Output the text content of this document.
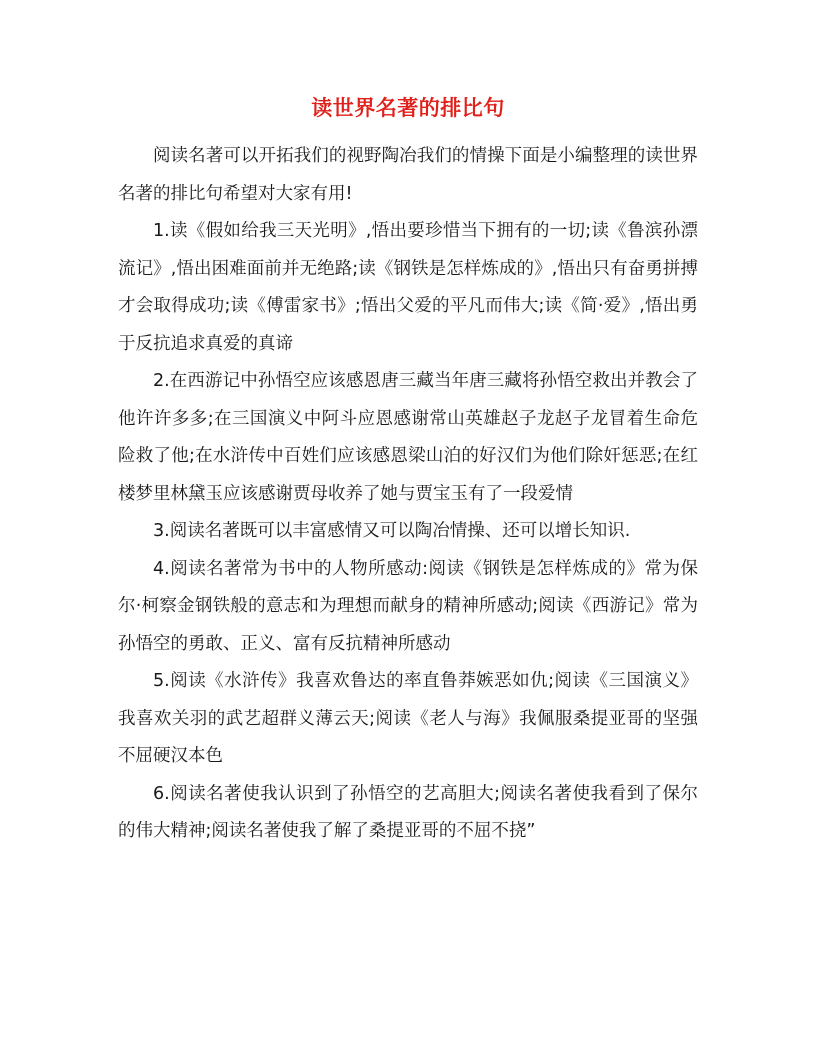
读世界名著的排比句

阅读名著可以开拓我们的视野陶冶我们的情操下面是小编整理的读世界名著的排比句希望对大家有用!

1.读《假如给我三天光明》,悟出要珍惜当下拥有的一切;读《鲁滨孙漂流记》,悟出困难面前并无绝路;读《钢铁是怎样炼成的》,悟出只有奋勇拼搏才会取得成功;读《傅雷家书》;悟出父爱的平凡而伟大;读《简·爱》,悟出勇于反抗追求真爱的真谛

2.在西游记中孙悟空应该感恩唐三藏当年唐三藏将孙悟空救出并教会了他许许多多;在三国演义中阿斗应恩感谢常山英雄赵子龙赵子龙冒着生命危险救了他;在水浒传中百姓们应该感恩梁山泊的好汉们为他们除奸惩恶;在红楼梦里林黛玉应该感谢贾母收养了她与贾宝玉有了一段爱情

3.阅读名著既可以丰富感情又可以陶冶情操、还可以增长知识.

4.阅读名著常为书中的人物所感动:阅读《钢铁是怎样炼成的》常为保尔·柯察金钢铁般的意志和为理想而献身的精神所感动;阅读《西游记》常为孙悟空的勇敢、正义、富有反抗精神所感动

5.阅读《水浒传》我喜欢鲁达的率直鲁莽嫉恶如仇;阅读《三国演义》我喜欢关羽的武艺超群义薄云天;阅读《老人与海》我佩服桑提亚哥的坚强不屈硬汉本色

6.阅读名著使我认识到了孙悟空的艺高胆大;阅读名著使我看到了保尔的伟大精神;阅读名著使我了解了桑提亚哥的不屈不挠”
